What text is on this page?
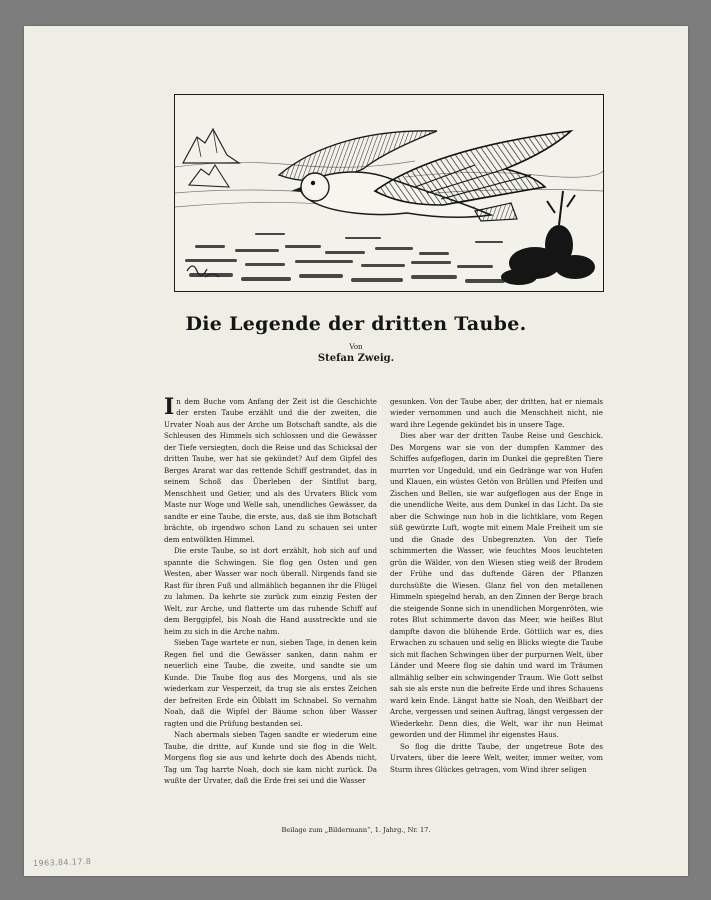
Die Legende der dritten Taube.
Von
Stefan Zweig.

In dem Buche vom Anfang der Zeit ist die Geschichte der ersten Taube erzählt und die der zweiten, die Urvater Noah aus der Arche um Botschaft sandte, als die Schleusen des Himmels sich schlossen und die Gewässer der Tiefe versiegten, doch die Reise und das Schicksal der dritten Taube, wer hat sie gekündet? Auf dem Gipfel des Berges Ararat war das rettende Schiff gestrandet, das in seinem Schoß das Überleben der Sintflut barg, Menschheit und Getier, und als des Urvaters Blick vom Maste nur Woge und Welle sah, unendliches Gewässer, da sandte er eine Taube, die erste, aus, daß sie ihm Botschaft brächte, ob irgendwo schon Land zu schauen sei unter dem entwölkten Himmel.

Die erste Taube, so ist dort erzählt, hob sich auf und spannte die Schwingen. Sie flog gen Osten und gen Westen, aber Wasser war noch überall. Nirgends fand sie Rast für ihren Fuß und allmählich begannen ihr die Flügel zu lahmen. Da kehrte sie zurück zum einzig Festen der Welt, zur Arche, und flatterte um das ruhende Schiff auf dem Berggipfel, bis Noah die Hand ausstreckte und sie heim zu sich in die Arche nahm.

Sieben Tage wartete er nun, sieben Tage, in denen kein Regen fiel und die Gewässer sanken, dann nahm er neuerlich eine Taube, die zweite, und sandte sie um Kunde. Die Taube flog aus des Morgens, und als sie wiederkam zur Vesperzeit, da trug sie als erstes Zeichen der befreiten Erde ein Ölblatt im Schnabel. So vernahm Noah, daß die Wipfel der Bäume schon über Wasser ragten und die Prüfung bestanden sei.

Nach abermals sieben Tagen sandte er wiederum eine Taube, die dritte, auf Kunde und sie flog in die Welt. Morgens flog sie aus und kehrte doch des Abends nicht, Tag um Tag harrte Noah, doch sie kam nicht zurück. Da wußte der Urvater, daß die Erde frei sei und die Wasser

gesunken. Von der Taube aber, der dritten, hat er niemals wieder vernommen und auch die Menschheit nicht, nie ward ihre Legende gekündet bis in unsere Tage.

Dies aber war der dritten Taube Reise und Geschick. Des Morgens war sie von der dumpfen Kammer des Schiffes aufgeflogen, darin im Dunkel die gepreßten Tiere murrten vor Ungeduld, und ein Gedränge war von Hufen und Klauen, ein wüstes Getön von Brüllen und Pfeifen und Zischen und Bellen, sie war aufgeflogen aus der Enge in die unendliche Weite, aus dem Dunkel in das Licht. Da sie aber die Schwinge nun hob in die lichtklare, vom Regen süß gewürzte Luft, wogte mit einem Male Freiheit um sie und die Gnade des Unbegrenzten. Von der Tiefe schimmerten die Wasser, wie feuchtes Moos leuchteten grün die Wälder, von den Wiesen stieg weiß der Brodem der Frühe und das duftende Gären der Pflanzen durchsüßte die Wiesen. Glanz fiel von den metallenen Himmeln spiegelnd herab, an den Zinnen der Berge brach die steigende Sonne sich in unendlichen Morgenröten, wie rotes Blut schimmerte davon das Meer, wie heißes Blut dampfte davon die blühende Erde. Göttlich war es, dies Erwachen zu schauen und selig en Blicks wiegte die Taube sich mit flachen Schwingen über der purpurnen Welt, über Länder und Meere flog sie dahin und ward im Träumen allmählig selber ein schwingender Traum. Wie Gott selbst sah sie als erste nun die befreite Erde und ihres Schauens ward kein Ende. Längst hatte sie Noah, den Weißbart der Arche, vergessen und seinen Auftrag, längst vergessen der Wiederkehr. Denn dies, die Welt, war ihr nun Heimat geworden und der Himmel ihr eigenstes Haus.

So flog die dritte Taube, der ungetreue Bote des Urvaters, über die leere Welt, weiter, immer weiter, vom Sturm ihres Glückes getragen, vom Wind ihrer seligen

Beilage zum „Bildermann“, 1. Jahrg., Nr. 17.
1963.84.17.8
